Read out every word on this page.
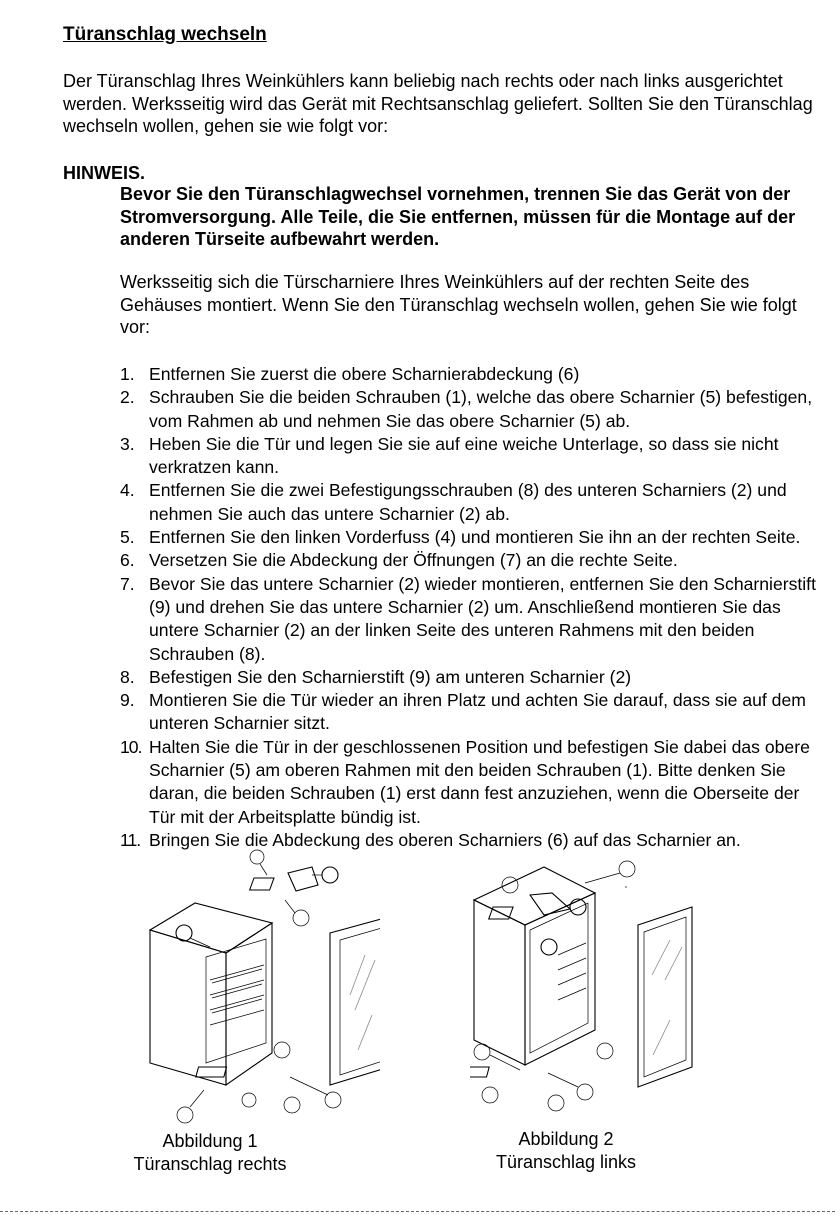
Türanschlag wechseln

Der Türanschlag Ihres Weinkühlers kann beliebig nach rechts oder nach links ausgerichtet werden. Werksseitig wird das Gerät mit Rechtsanschlag geliefert. Sollten Sie den Türanschlag wechseln wollen, gehen sie wie folgt vor:

HINWEIS.

Bevor Sie den Türanschlagwechsel vornehmen, trennen Sie das Gerät von der Stromversorgung. Alle Teile, die Sie entfernen, müssen für die Montage auf der anderen Türseite aufbewahrt werden.

Werksseitig sich die Türscharniere Ihres Weinkühlers auf der rechten Seite des Gehäuses montiert. Wenn Sie den Türanschlag wechseln wollen, gehen Sie wie folgt vor:

1. Entfernen Sie zuerst die obere Scharnierabdeckung (6)
2. Schrauben Sie die beiden Schrauben (1), welche das obere Scharnier (5) befestigen, vom Rahmen ab und nehmen Sie das obere Scharnier (5) ab.
3. Heben Sie die Tür und legen Sie sie auf eine weiche Unterlage, so dass sie nicht verkratzen kann.
4. Entfernen Sie die zwei Befestigungsschrauben (8) des unteren Scharniers (2) und nehmen Sie auch das untere Scharnier (2) ab.
5. Entfernen Sie den linken Vorderfuss (4) und montieren Sie ihn an der rechten Seite.
6. Versetzen Sie die Abdeckung der Öffnungen (7) an die rechte Seite.
7. Bevor Sie das untere Scharnier (2) wieder montieren, entfernen Sie den Scharnierstift (9) und drehen Sie das untere Scharnier (2) um. Anschließend montieren Sie das untere Scharnier (2) an der linken Seite des unteren Rahmens mit den beiden Schrauben (8).
8. Befestigen Sie den Scharnierstift (9) am unteren Scharnier (2)
9. Montieren Sie die Tür wieder an ihren Platz und achten Sie darauf, dass sie auf dem unteren Scharnier sitzt.
10. Halten Sie die Tür in der geschlossenen Position und befestigen Sie dabei das obere Scharnier (5) am oberen Rahmen mit den beiden Schrauben (1). Bitte denken Sie daran, die beiden Schrauben (1) erst dann fest anzuziehen, wenn die Oberseite der Tür mit der Arbeitsplatte bündig ist.
11. Bringen Sie die Abdeckung des oberen Scharniers (6) auf das Scharnier an.
Abbildung 1
Türanschlag rechts
Abbildung 2
Türanschlag links
